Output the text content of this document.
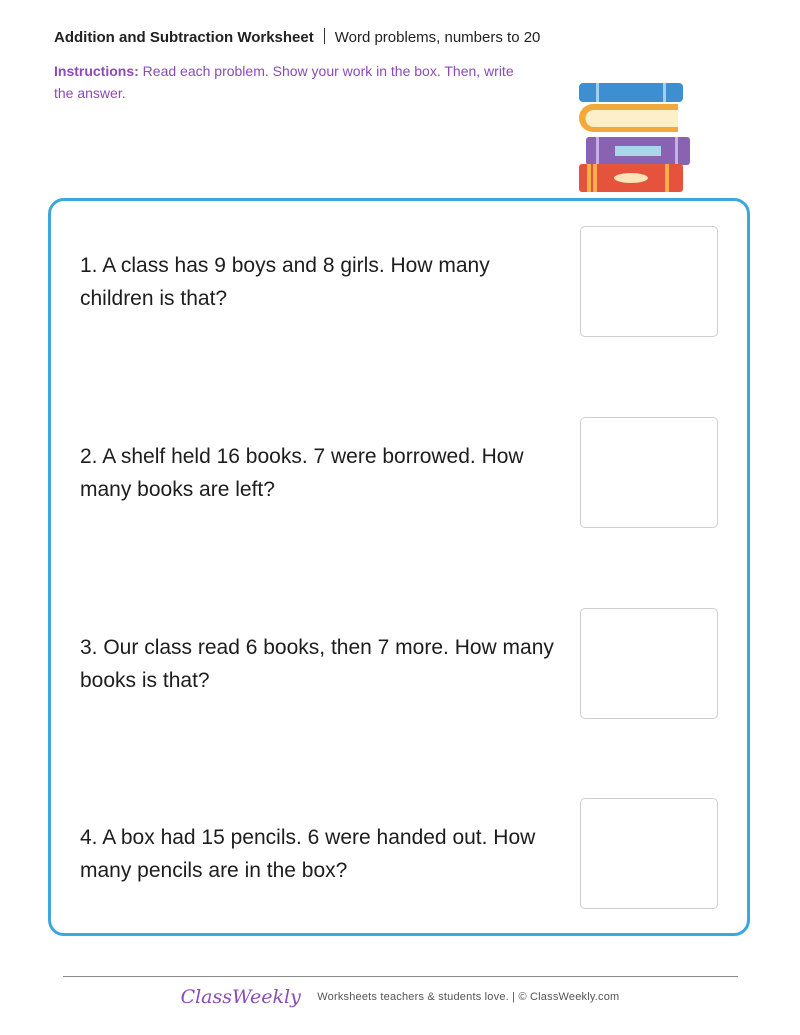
Addition and Subtraction Worksheet Word problems, numbers to 20
Instructions: Read each problem. Show your work in the box. Then, write the answer.
1. A class has 9 boys and 8 girls. How many children is that?
2. A shelf held 16 books. 7 were borrowed. How many books are left?
3. Our class read 6 books, then 7 more. How many books is that?
4. A box had 15 pencils. 6 were handed out. How many pencils are in the box?
ClassWeekly Worksheets teachers & students love. | © ClassWeekly.com
